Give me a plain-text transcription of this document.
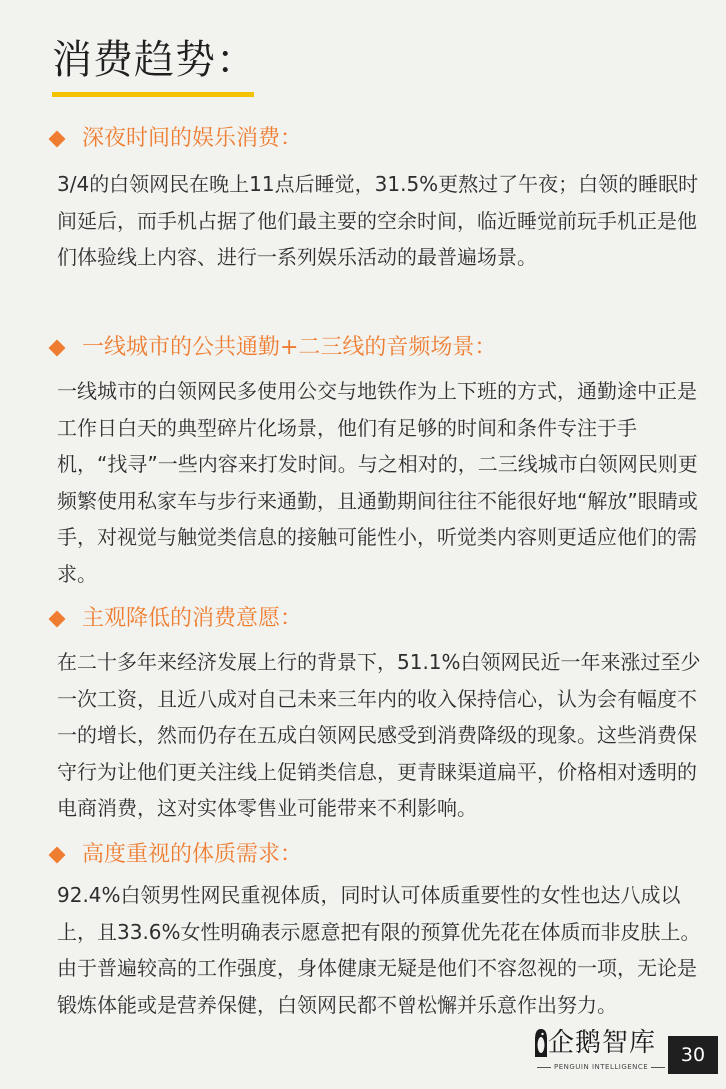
消费趋势：
深夜时间的娱乐消费：

3/4的白领网民在晚上11点后睡觉，31.5%更熬过了午夜；白领的睡眠时间延后，而手机占据了他们最主要的空余时间，临近睡觉前玩手机正是他们体验线上内容、进行一系列娱乐活动的最普遍场景。

一线城市的公共通勤+二三线的音频场景：

一线城市的白领网民多使用公交与地铁作为上下班的方式，通勤途中正是工作日白天的典型碎片化场景，他们有足够的时间和条件专注于手机，“找寻”一些内容来打发时间。与之相对的，二三线城市白领网民则更频繁使用私家车与步行来通勤，且通勤期间往往不能很好地“解放”眼睛或手，对视觉与触觉类信息的接触可能性小，听觉类内容则更适应他们的需求。

主观降低的消费意愿：

在二十多年来经济发展上行的背景下，51.1%白领网民近一年来涨过至少一次工资，且近八成对自己未来三年内的收入保持信心，认为会有幅度不一的增长，然而仍存在五成白领网民感受到消费降级的现象。这些消费保守行为让他们更关注线上促销类信息，更青睐渠道扁平，价格相对透明的电商消费，这对实体零售业可能带来不利影响。

高度重视的体质需求：

92.4%白领男性网民重视体质，同时认可体质重要性的女性也达八成以上，且33.6%女性明确表示愿意把有限的预算优先花在体质而非皮肤上。由于普遍较高的工作强度，身体健康无疑是他们不容忽视的一项，无论是锻炼体能或是营养保健，白领网民都不曾松懈并乐意作出努力。

企鹅智库
PENGUIN INTELLIGENCE
30
